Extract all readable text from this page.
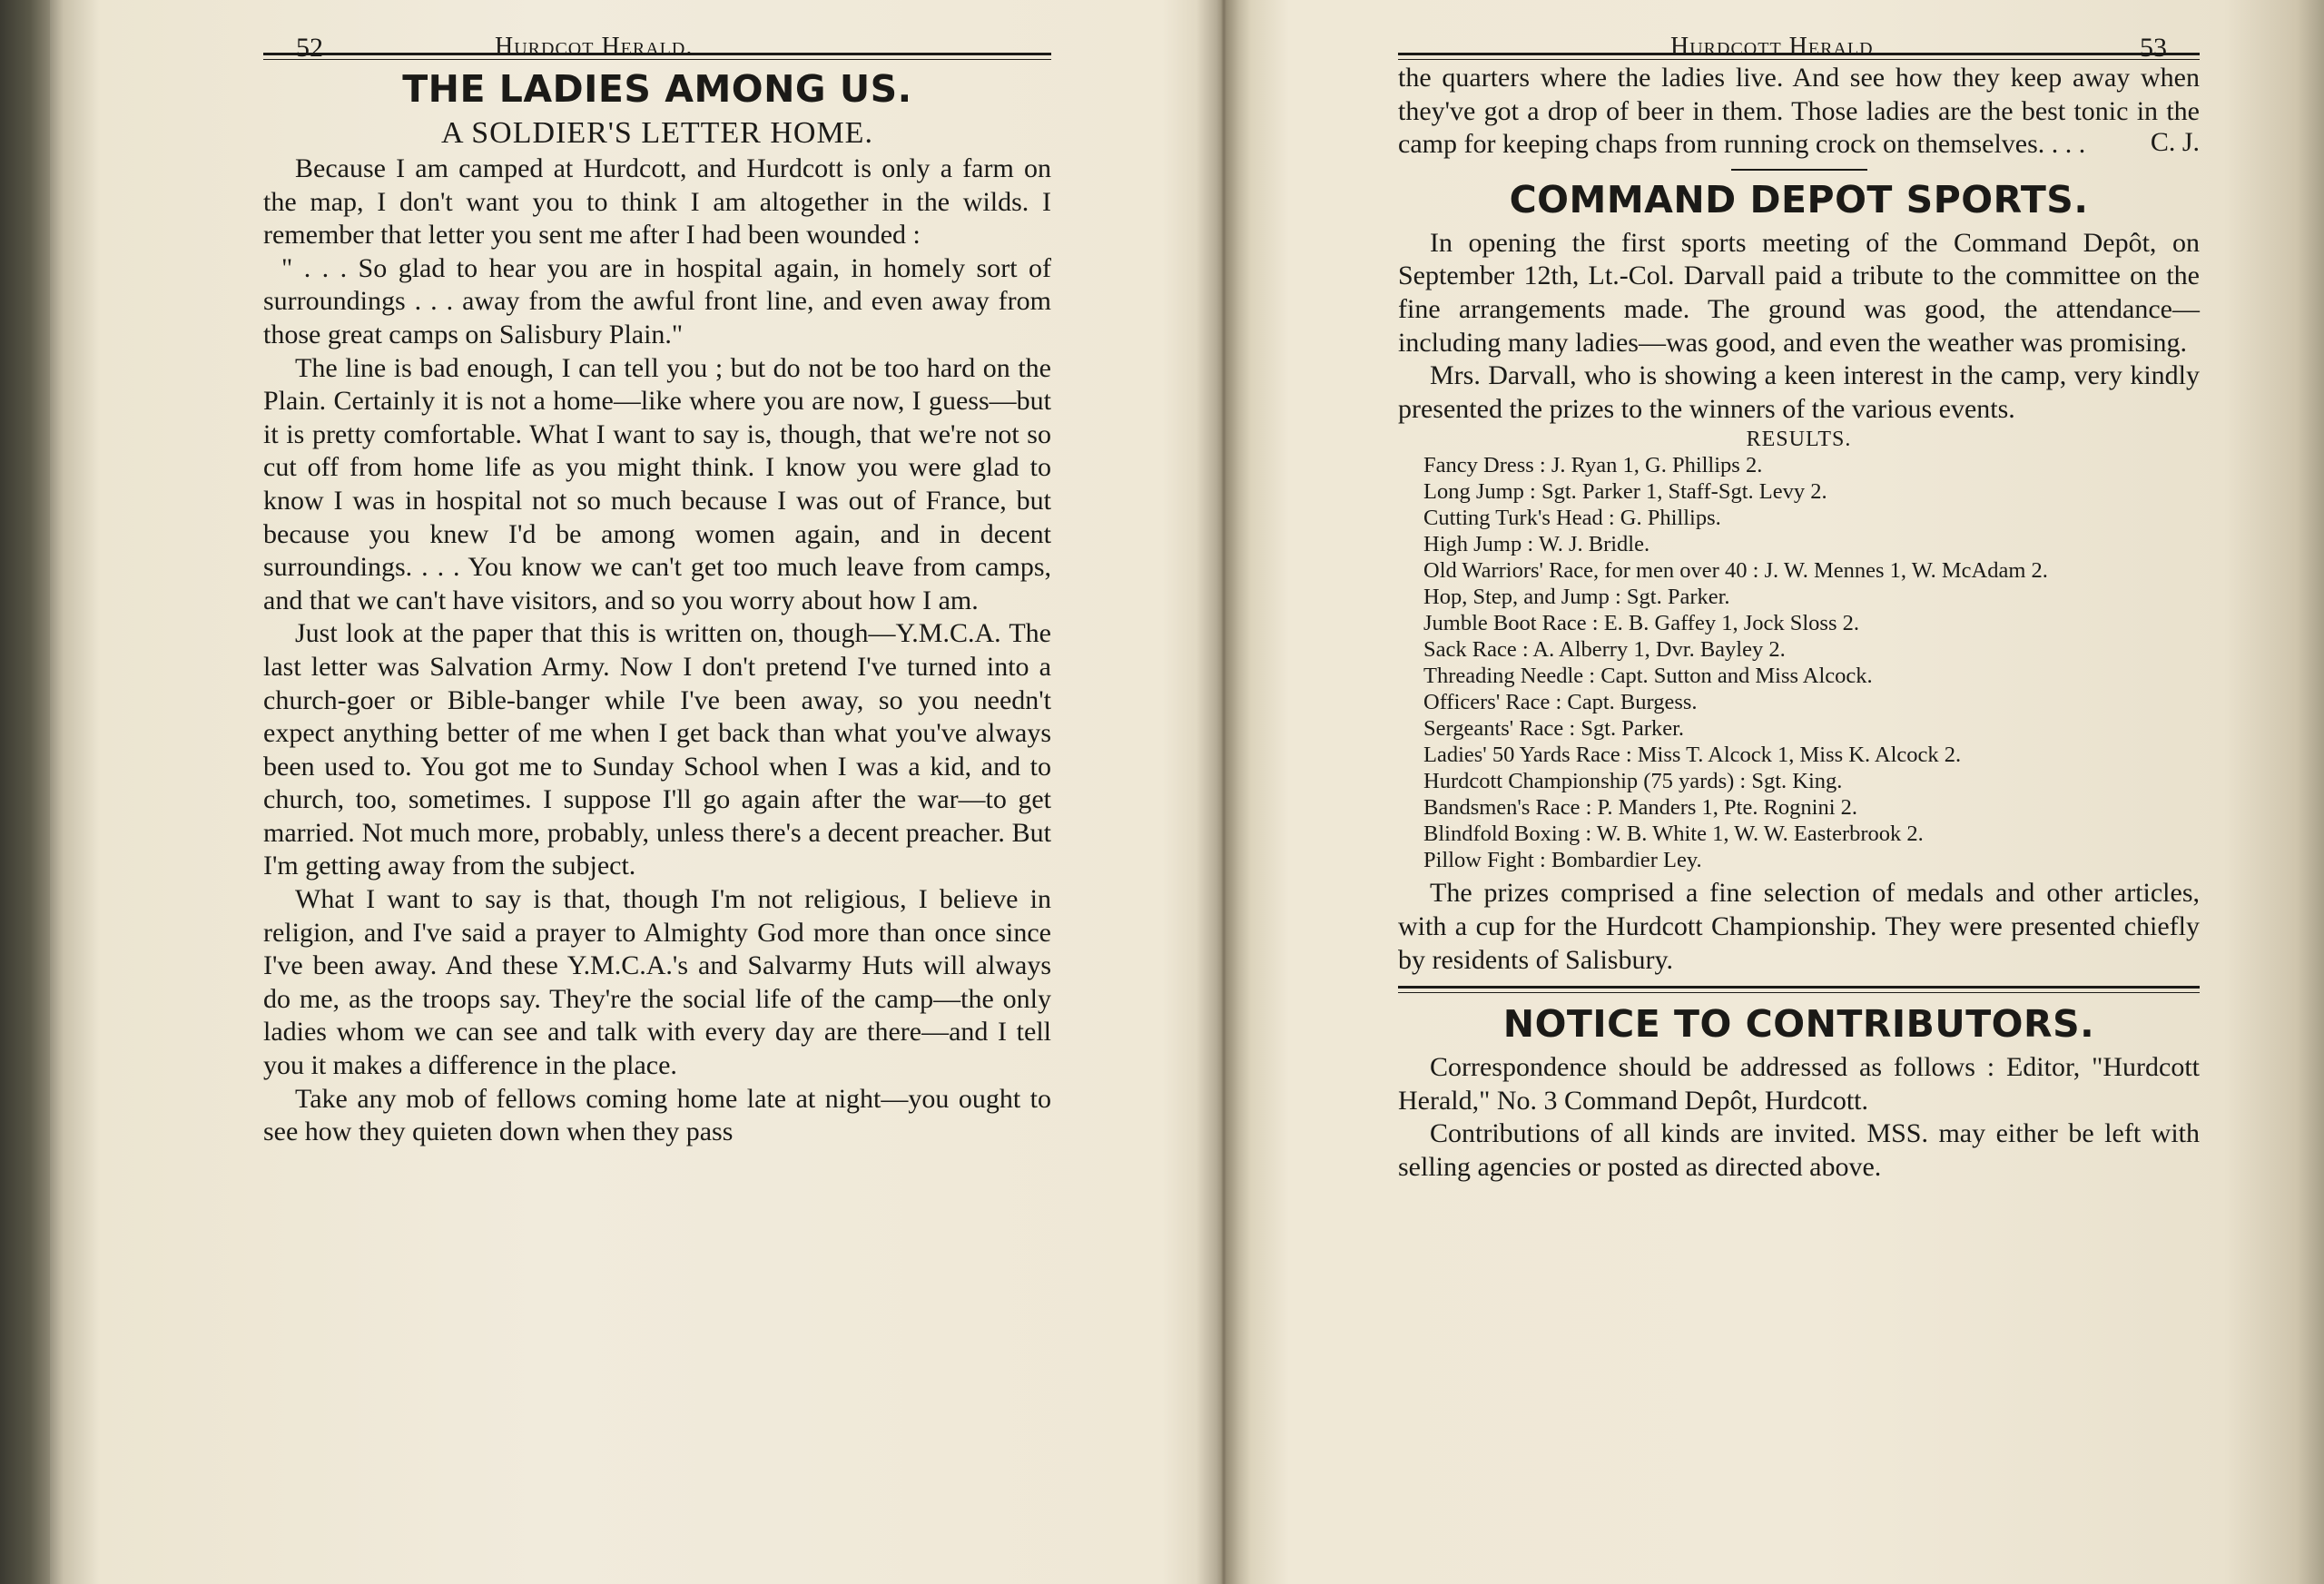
52	Hurdcot Herald.
THE LADIES AMONG US.
A SOLDIER'S LETTER HOME.

Because I am camped at Hurdcott, and Hurdcott is only a farm on the map, I don't want you to think I am altogether in the wilds. I remember that letter you sent me after I had been wounded :

" . . . So glad to hear you are in hospital again, in homely sort of surroundings . . . away from the awful front line, and even away from those great camps on Salisbury Plain."

The line is bad enough, I can tell you ; but do not be too hard on the Plain. Certainly it is not a home—like where you are now, I guess—but it is pretty comfortable. What I want to say is, though, that we're not so cut off from home life as you might think. I know you were glad to know I was in hospital not so much because I was out of France, but because you knew I'd be among women again, and in decent surroundings. . . . You know we can't get too much leave from camps, and that we can't have visitors, and so you worry about how I am.

Just look at the paper that this is written on, though—Y.M.C.A. The last letter was Salvation Army. Now I don't pretend I've turned into a church-goer or Bible-banger while I've been away, so you needn't expect anything better of me when I get back than what you've always been used to. You got me to Sunday School when I was a kid, and to church, too, sometimes. I suppose I'll go again after the war—to get married. Not much more, probably, unless there's a decent preacher. But I'm getting away from the subject.

What I want to say is that, though I'm not religious, I believe in religion, and I've said a prayer to Almighty God more than once since I've been away. And these Y.M.C.A.'s and Salvarmy Huts will always do me, as the troops say. They're the social life of the camp—the only ladies whom we can see and talk with every day are there—and I tell you it makes a difference in the place.

Take any mob of fellows coming home late at night—you ought to see how they quieten down when they pass

Hurdcott Herald	53

the quarters where the ladies live. And see how they keep away when they've got a drop of beer in them. Those ladies are the best tonic in the camp for keeping chaps from running crock on themselves. . . .	C. J.
COMMAND DEPOT SPORTS.

In opening the first sports meeting of the Command Depôt, on September 12th, Lt.-Col. Darvall paid a tribute to the committee on the fine arrangements made. The ground was good, the attendance—including many ladies—was good, and even the weather was promising.

Mrs. Darvall, who is showing a keen interest in the camp, very kindly presented the prizes to the winners of the various events.

RESULTS.
Fancy Dress : J. Ryan 1, G. Phillips 2.
Long Jump : Sgt. Parker 1, Staff-Sgt. Levy 2.
Cutting Turk's Head : G. Phillips.
High Jump : W. J. Bridle.
Old Warriors' Race, for men over 40 : J. W. Mennes 1, W. McAdam 2.
Hop, Step, and Jump : Sgt. Parker.
Jumble Boot Race : E. B. Gaffey 1, Jock Sloss 2.
Sack Race : A. Alberry 1, Dvr. Bayley 2.
Threading Needle : Capt. Sutton and Miss Alcock.
Officers' Race : Capt. Burgess.
Sergeants' Race : Sgt. Parker.
Ladies' 50 Yards Race : Miss T. Alcock 1, Miss K. Alcock 2.
Hurdcott Championship (75 yards) : Sgt. King.
Bandsmen's Race : P. Manders 1, Pte. Rognini 2.
Blindfold Boxing : W. B. White 1, W. W. Easterbrook 2.
Pillow Fight : Bombardier Ley.

The prizes comprised a fine selection of medals and other articles, with a cup for the Hurdcott Championship. They were presented chiefly by residents of Salisbury.

NOTICE TO CONTRIBUTORS.

Correspondence should be addressed as follows : Editor, "Hurdcott Herald," No. 3 Command Depôt, Hurdcott.

Contributions of all kinds are invited. MSS. may either be left with selling agencies or posted as directed above.
